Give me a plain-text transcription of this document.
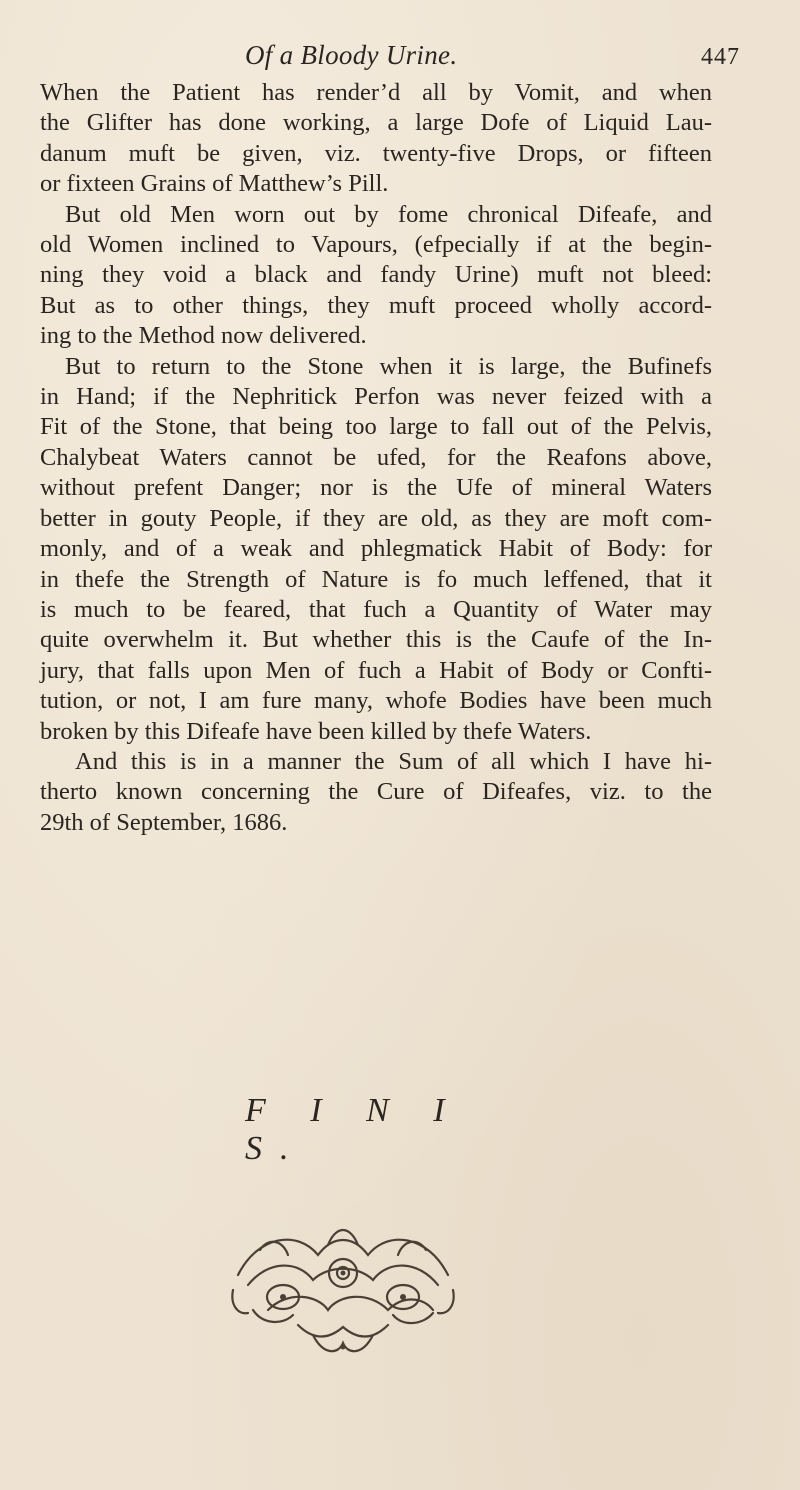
Of a Bloody Urine.	447
When the Patient has render’d all by Vomit, and when
the Glifter has done working, a large Dofe of Liquid Lau-
danum muft be given, viz. twenty-five Drops, or fifteen
or fixteen Grains of Matthew’s Pill.
But old Men worn out by fome chronical Difeafe, and
old Women inclined to Vapours, (efpecially if at the begin-
ning they void a black and fandy Urine) muft not bleed:
But as to other things, they muft proceed wholly accord-
ing to the Method now delivered.
But to return to the Stone when it is large, the Bufinefs
in Hand; if the Nephritick Perfon was never feized with a
Fit of the Stone, that being too large to fall out of the Pelvis,
Chalybeat Waters cannot be ufed, for the Reafons above,
without prefent Danger; nor is the Ufe of mineral Waters
better in gouty People, if they are old, as they are moft com-
monly, and of a weak and phlegmatick Habit of Body: for
in thefe the Strength of Nature is fo much leffened, that it
is much to be feared, that fuch a Quantity of Water may
quite overwhelm it. But whether this is the Caufe of the In-
jury, that falls upon Men of fuch a Habit of Body or Confti-
tution, or not, I am fure many, whofe Bodies have been much
broken by this Difeafe have been killed by thefe Waters.
And this is in a manner the Sum of all which I have hi-
therto known concerning the Cure of Difeafes, viz. to the
29th of September, 1686.
F I N I S.
